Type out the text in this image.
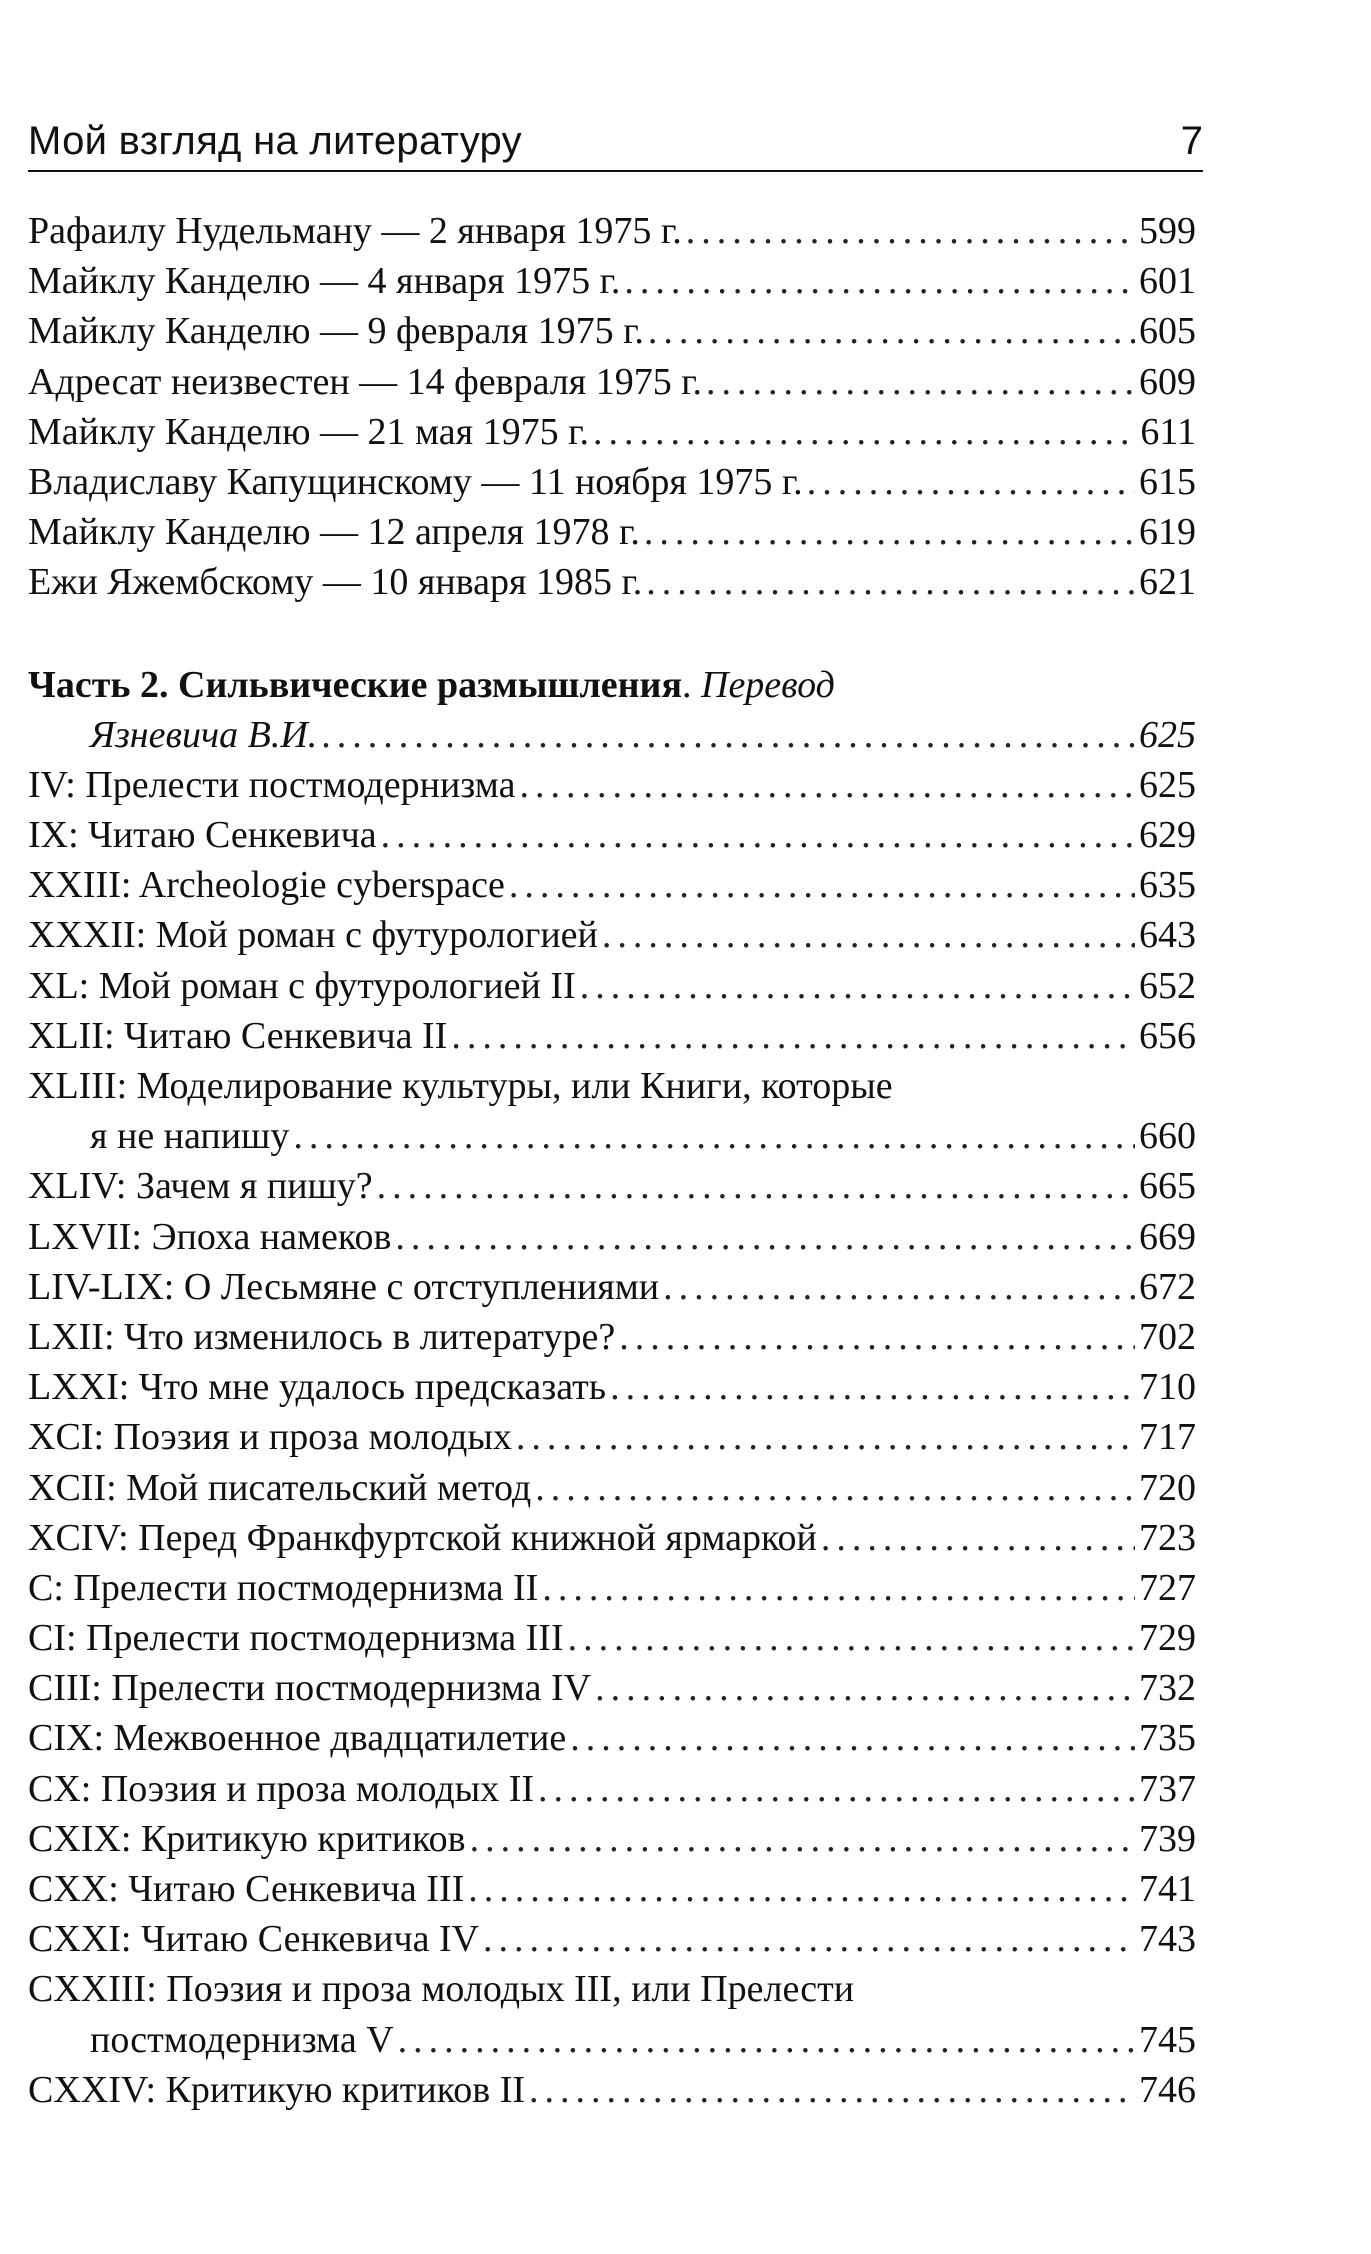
Мой взгляд на литературу	7
Рафаилу Нудельману — 2 января 1975 г. .....	599
Майклу Канделю — 4 января 1975 г. .....	601
Майклу Канделю — 9 февраля 1975 г. .....	605
Адресат неизвестен — 14 февраля 1975 г. .....	609
Майклу Канделю — 21 мая 1975 г. .....	611
Владиславу Капущинскому — 11 ноября 1975 г. .....	615
Майклу Канделю — 12 апреля 1978 г. .....	619
Ежи Яжембскому — 10 января 1985 г. .....	621
Часть 2. Сильвические размышления. Перевод
Язневича В.И. .....	625
IV: Прелести постмодернизма .....	625
IX: Читаю Сенкевича .....	629
XXIII: Archeologie cyberspace .....	635
XXXII: Мой роман с футурологией .....	643
XL: Мой роман с футурологией II .....	652
XLII: Читаю Сенкевича II .....	656
XLIII: Моделирование культуры, или Книги, которые
я не напишу .....	660
XLIV: Зачем я пишу? .....	665
LXVII: Эпоха намеков .....	669
LIV-LIX: О Лесьмяне с отступлениями .....	672
LXII: Что изменилось в литературе? .....	702
LXXI: Что мне удалось предсказать .....	710
XCI: Поэзия и проза молодых .....	717
XCII: Мой писательский метод .....	720
XCIV: Перед Франкфуртской книжной ярмаркой .....	723
C: Прелести постмодернизма II .....	727
CI: Прелести постмодернизма III .....	729
CIII: Прелести постмодернизма IV .....	732
CIX: Межвоенное двадцатилетие .....	735
CX: Поэзия и проза молодых II .....	737
CXIX: Критикую критиков .....	739
CXX: Читаю Сенкевича III .....	741
CXXI: Читаю Сенкевича IV .....	743
CXXIII: Поэзия и проза молодых III, или Прелести
постмодернизма V .....	745
CXXIV: Критикую критиков II .....	746
